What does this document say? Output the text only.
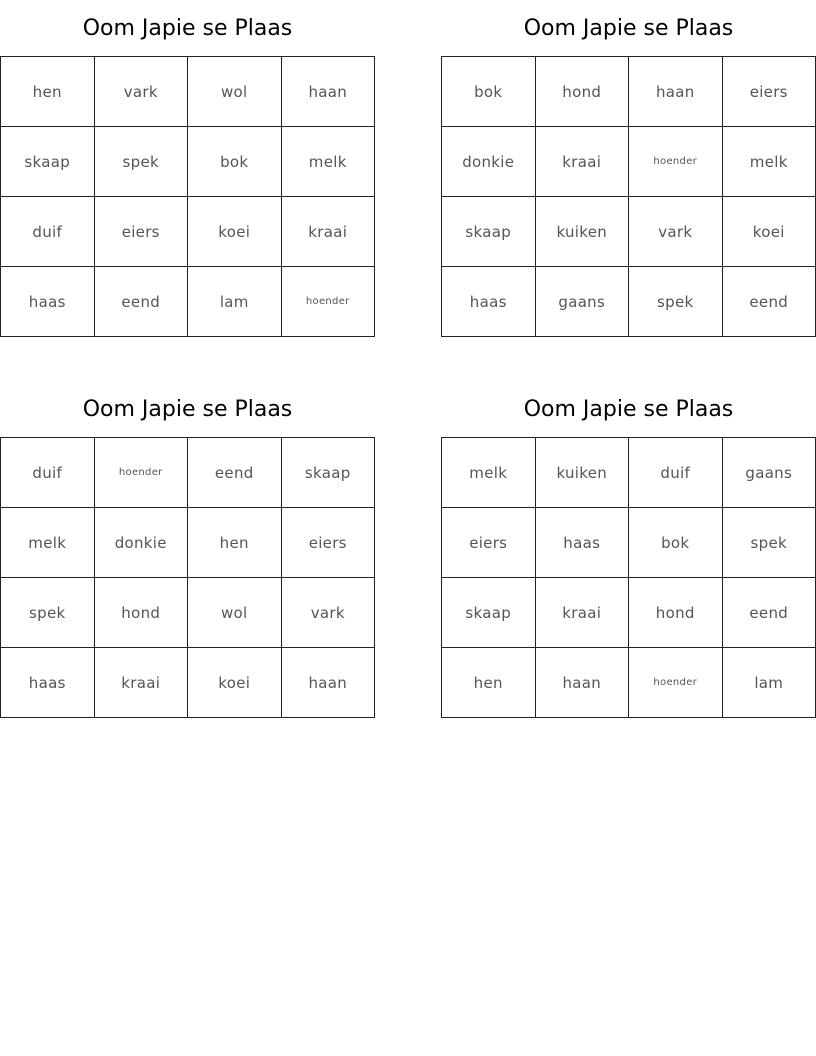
Oom Japie se Plaas
hen	vark	wol	haan
skaap	spek	bok	melk
duif	eiers	koei	kraai
haas	eend	lam	hoender
Oom Japie se Plaas
bok	hond	haan	eiers
donkie	kraai	hoender	melk
skaap	kuiken	vark	koei
haas	gaans	spek	eend
Oom Japie se Plaas
duif	hoender	eend	skaap
melk	donkie	hen	eiers
spek	hond	wol	vark
haas	kraai	koei	haan
Oom Japie se Plaas
melk	kuiken	duif	gaans
eiers	haas	bok	spek
skaap	kraai	hond	eend
hen	haan	hoender	lam
